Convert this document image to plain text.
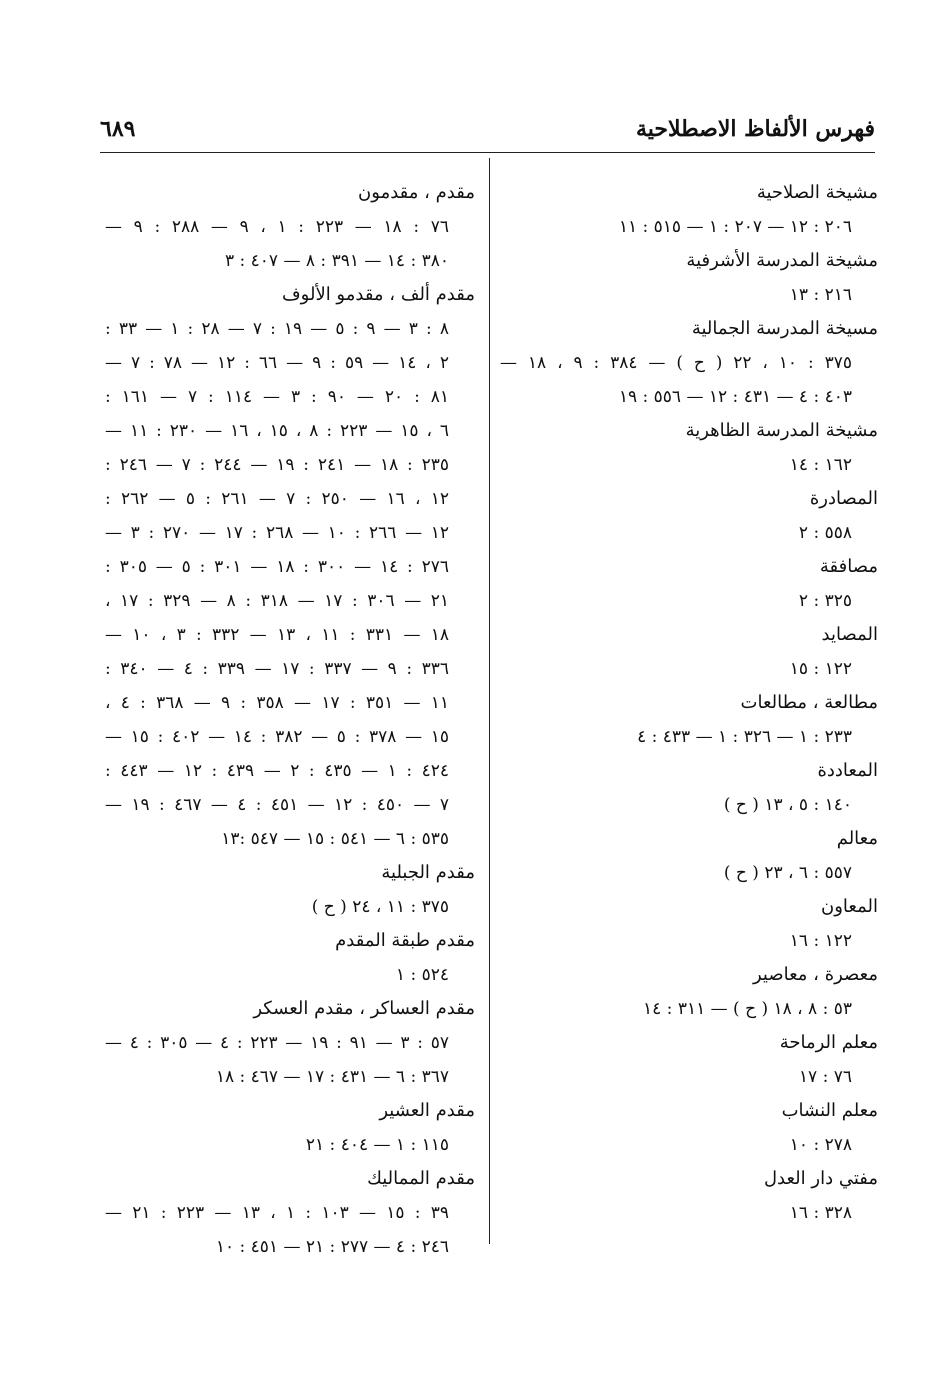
فهرس الألفاظ الاصطلاحية
٦٨٩
مشيخة الصلاحية
٢٠٦ : ١٢ — ٢٠٧ : ١ — ٥١٥ : ١١
مشيخة المدرسة الأشرفية
٢١٦ : ١٣
مسيخة المدرسة الجمالية
٣٧٥ : ١٠ ، ٢٢ ( ح ) — ٣٨٤ : ٩ ، ١٨ —
٤٠٣ : ٤ — ٤٣١ : ١٢ — ٥٥٦ : ١٩
مشيخة المدرسة الظاهرية
١٦٢ : ١٤
المصادرة
٥٥٨ : ٢
مصافقة
٣٢٥ : ٢
المصايد
١٢٢ : ١٥
مطالعة ، مطالعات
٢٣٣ : ١ — ٣٢٦ : ١ — ٤٣٣ : ٤
المعاددة
١٤٠ : ٥ ، ١٣ ( ح )
معالم
٥٥٧ : ٦ ، ٢٣ ( ح )
المعاون
١٢٢ : ١٦
معصرة ، معاصير
٥٣ : ٨ ، ١٨ ( ح ) — ٣١١ : ١٤
معلم الرماحة
٧٦ : ١٧
معلم النشاب
٢٧٨ : ١٠
مفتي دار العدل
٣٢٨ : ١٦
مقدم ، مقدمون
٧٦ : ١٨ — ٢٢٣ : ١ ، ٩ — ٢٨٨ : ٩ —
٣٨٠ : ١٤ — ٣٩١ : ٨ — ٤٠٧ : ٣
مقدم ألف ، مقدمو الألوف
٨ : ٣ — ٩ : ٥ — ١٩ : ٧ — ٢٨ : ١ — ٣٣ :
٢ ، ١٤ — ٥٩ : ٩ — ٦٦ : ١٢ — ٧٨ : ٧ —
٨١ : ٢٠ — ٩٠ : ٣ — ١١٤ : ٧ — ١٦١ :
٦ ، ١٥ — ٢٢٣ : ٨ ، ١٥ ، ١٦ — ٢٣٠ : ١١ —
٢٣٥ : ١٨ — ٢٤١ : ١٩ — ٢٤٤ : ٧ — ٢٤٦ :
١٢ ، ١٦ — ٢٥٠ : ٧ — ٢٦١ : ٥ — ٢٦٢ :
١٢ — ٢٦٦ : ١٠ — ٢٦٨ : ١٧ — ٢٧٠ : ٣ —
٢٧٦ : ١٤ — ٣٠٠ : ١٨ — ٣٠١ : ٥ — ٣٠٥ :
٢١ — ٣٠٦ : ١٧ — ٣١٨ : ٨ — ٣٢٩ : ١٧ ،
١٨ — ٣٣١ : ١١ ، ١٣ — ٣٣٢ : ٣ ، ١٠ —
٣٣٦ : ٩ — ٣٣٧ : ١٧ — ٣٣٩ : ٤ — ٣٤٠ :
١١ — ٣٥١ : ١٧ — ٣٥٨ : ٩ — ٣٦٨ : ٤ ،
١٥ — ٣٧٨ : ٥ — ٣٨٢ : ١٤ — ٤٠٢ : ١٥ —
٤٢٤ : ١ — ٤٣٥ : ٢ — ٤٣٩ : ١٢ — ٤٤٣ :
٧ — ٤٥٠ : ١٢ — ٤٥١ : ٤ — ٤٦٧ : ١٩ —
٥٣٥ : ٦ — ٥٤١ : ١٥ — ٥٤٧ :١٣
مقدم الجبلية
٣٧٥ : ١١ ، ٢٤ ( ح )
مقدم طبقة المقدم
٥٢٤ : ١
مقدم العساكر ، مقدم العسكر
٥٧ : ٣ — ٩١ : ١٩ — ٢٢٣ : ٤ — ٣٠٥ : ٤ —
٣٦٧ : ٦ — ٤٣١ : ١٧ — ٤٦٧ : ١٨
مقدم العشير
١١٥ : ١ — ٤٠٤ : ٢١
مقدم المماليك
٣٩ : ١٥ — ١٠٣ : ١ ، ١٣ — ٢٢٣ : ٢١ —
٢٤٦ : ٤ — ٢٧٧ : ٢١ — ٤٥١ : ١٠
